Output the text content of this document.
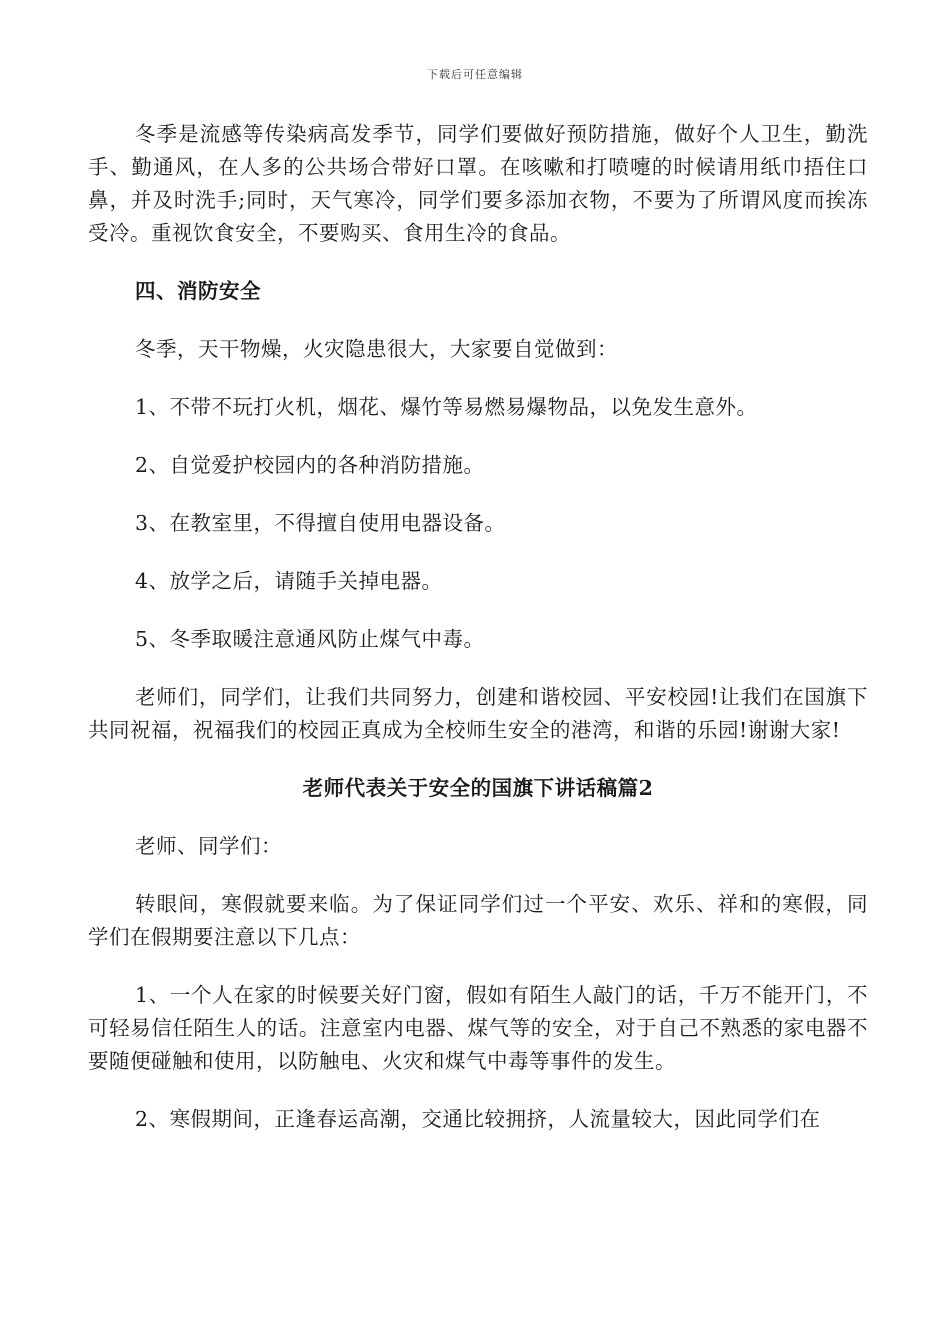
下载后可任意编辑

冬季是流感等传染病高发季节，同学们要做好预防措施，做好个人卫生，勤洗手、勤通风，在人多的公共场合带好口罩。在咳嗽和打喷嚏的时候请用纸巾捂住口鼻，并及时洗手;同时，天气寒冷，同学们要多添加衣物，不要为了所谓风度而挨冻受冷。重视饮食安全，不要购买、食用生冷的食品。

四、消防安全

冬季，天干物燥，火灾隐患很大，大家要自觉做到：

1、不带不玩打火机，烟花、爆竹等易燃易爆物品，以免发生意外。

2、自觉爱护校园内的各种消防措施。

3、在教室里，不得擅自使用电器设备。

4、放学之后，请随手关掉电器。

5、冬季取暖注意通风防止煤气中毒。

老师们，同学们，让我们共同努力，创建和谐校园、平安校园!让我们在国旗下共同祝福，祝福我们的校园正真成为全校师生安全的港湾，和谐的乐园!谢谢大家!

老师代表关于安全的国旗下讲话稿篇2

老师、同学们：

转眼间，寒假就要来临。为了保证同学们过一个平安、欢乐、祥和的寒假，同学们在假期要注意以下几点：

1、一个人在家的时候要关好门窗，假如有陌生人敲门的话，千万不能开门，不可轻易信任陌生人的话。注意室内电器、煤气等的安全，对于自己不熟悉的家电器不要随便碰触和使用，以防触电、火灾和煤气中毒等事件的发生。

2、寒假期间，正逢春运高潮，交通比较拥挤，人流量较大，因此同学们在
